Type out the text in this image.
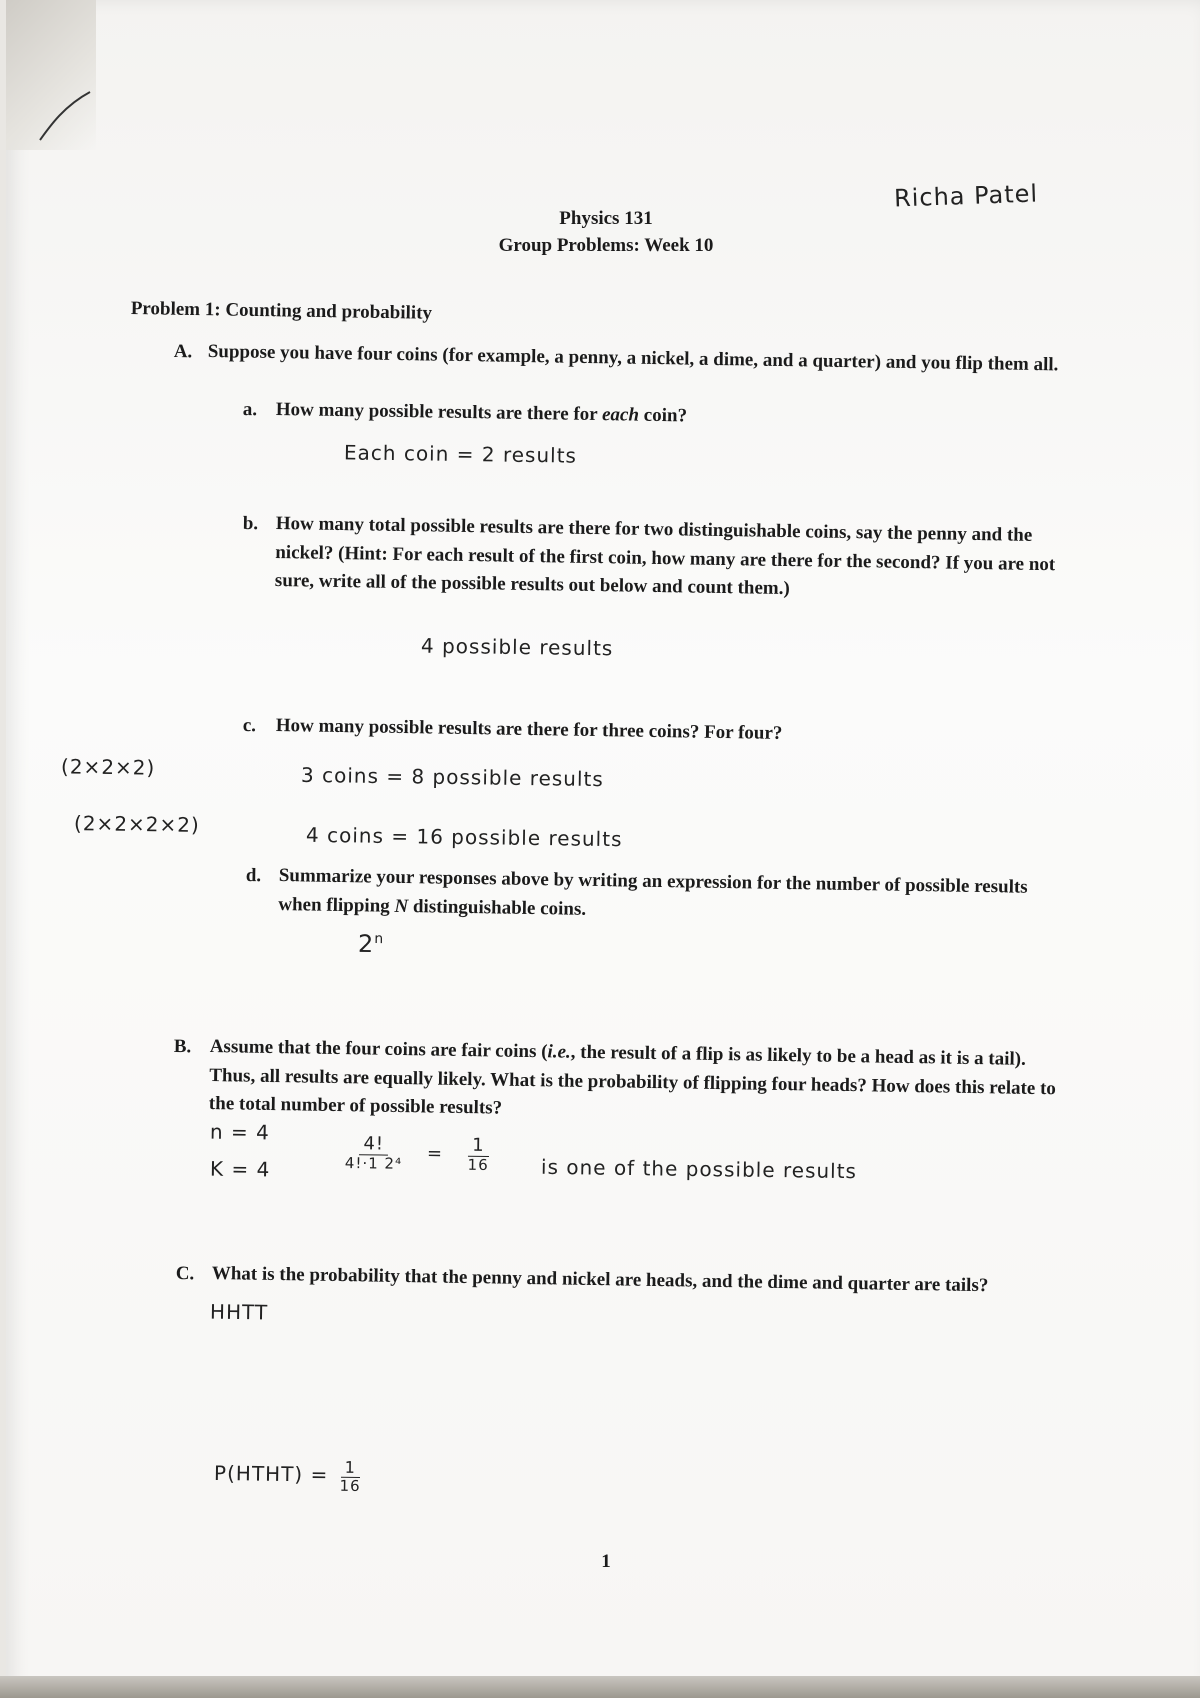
Richa Patel
Physics 131
Group Problems: Week 10
Problem 1: Counting and probability
A. Suppose you have four coins (for example, a penny, a nickel, a dime, and a quarter) and you flip them all.
a. How many possible results are there for each coin?
Each coin = 2 results
b. How many total possible results are there for two distinguishable coins, say the penny and the nickel? (Hint: For each result of the first coin, how many are there for the second? If you are not sure, write all of the possible results out below and count them.)
4 possible results
c. How many possible results are there for three coins? For four?
(2×2×2)	3 coins = 8 possible results
(2×2×2×2)	4 coins = 16 possible results
d. Summarize your responses above by writing an expression for the number of possible results when flipping N distinguishable coins.
2$^n$
B. Assume that the four coins are fair coins (i.e., the result of a flip is as likely to be a head as it is a tail). Thus, all results are equally likely. What is the probability of flipping four heads? How does this relate to the total number of possible results?
n = 4
K = 4	$\frac{4!}{\text{4!·1 2⁴}} = \frac{1}{16}$ is one of the possible results
C. What is the probability that the penny and nickel are heads, and the dime and quarter are tails?
HHTT
P(HTHT) = $\frac{1}{16}$
1
